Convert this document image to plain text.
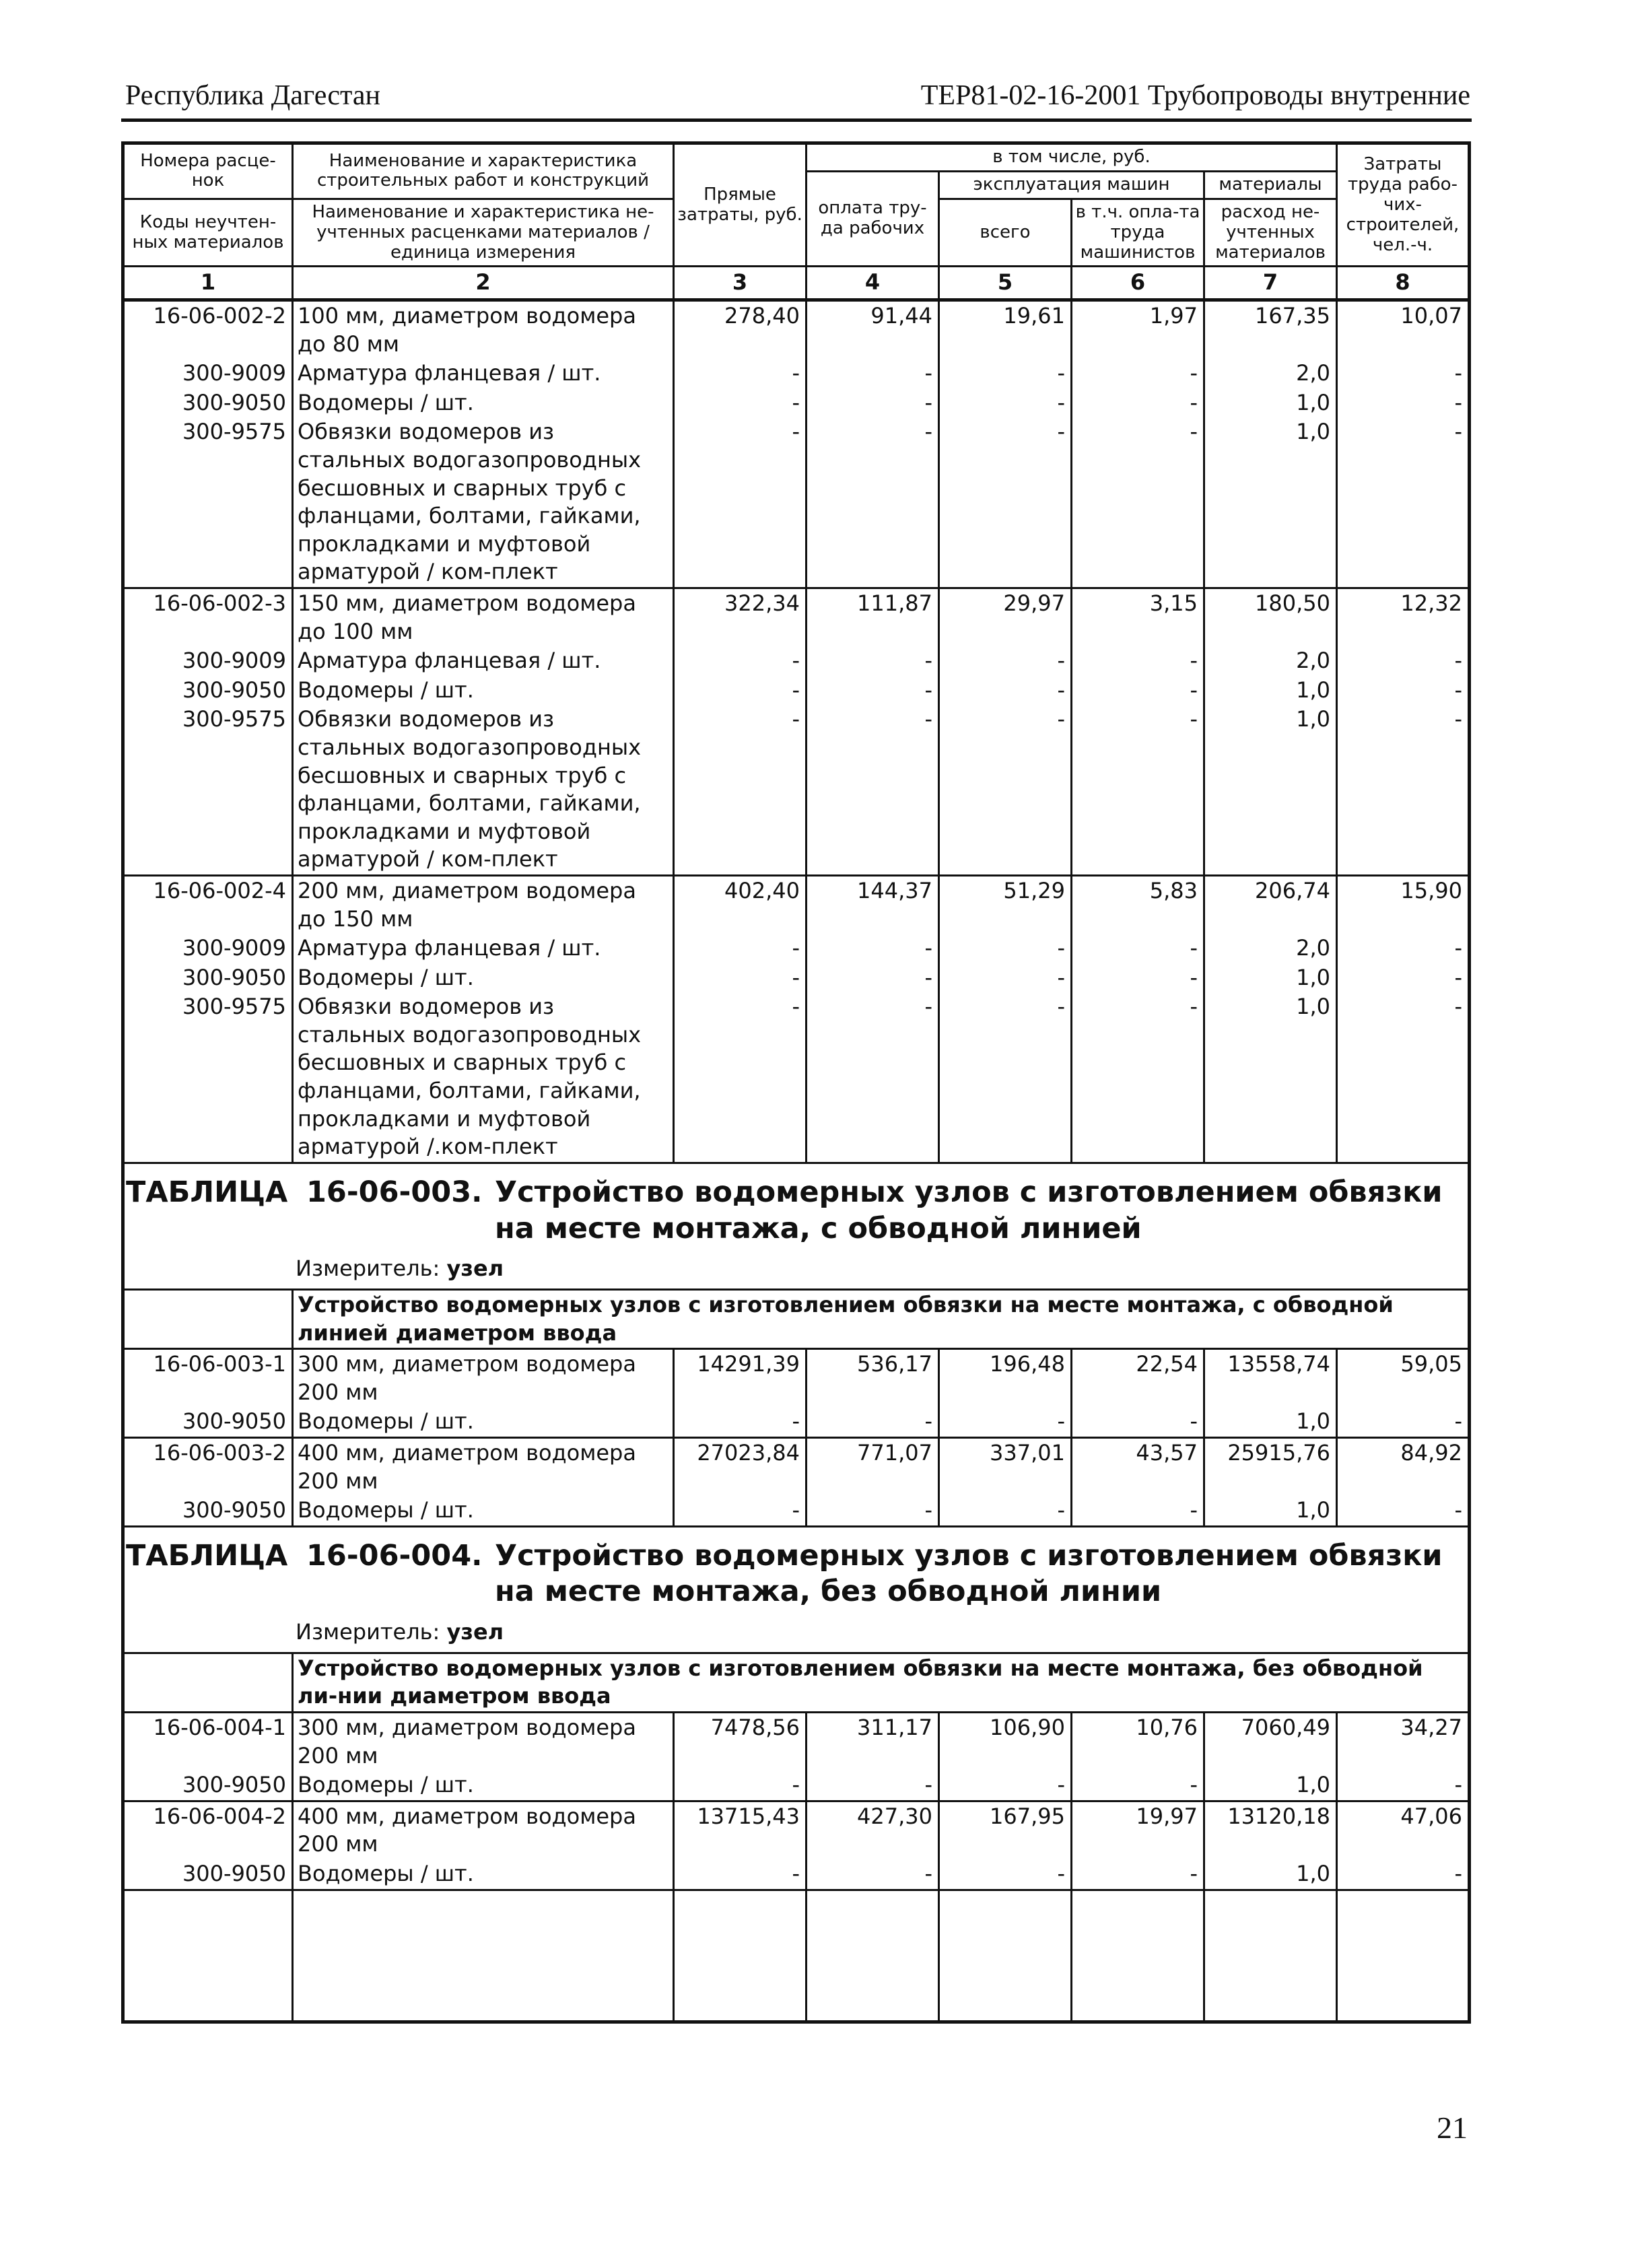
Республика Дагестан	ТЕР81-02-16-2001 Трубопроводы внутренние
Номера расце-нок	Наименование и характеристика строительных работ и конструкций	Прямые затраты, руб.	в том числе, руб.				Затраты труда рабо-чих-строителей, чел.-ч.
			оплата тру-да рабочих	эксплуатация машин		материалы	
Коды неучтен-ных материалов	Наименование и характеристика не-учтенных расценками материалов / единица измерения			всего	в т.ч. опла-та труда машинистов	расход не-учтенных материалов	

1	2	3	4	5	6	7	8
16-06-002-2	100 мм, диаметром водомера до 80 мм	278,40	91,44	19,61	1,97	167,35	10,07
300-9009	Арматура фланцевая / шт.	-	-	-	-	2,0	-
300-9050	Водомеры / шт.	-	-	-	-	1,0	-
300-9575	Обвязки водомеров из стальных водогазопроводных бесшовных и сварных труб с фланцами, болтами, гайками, прокладками и муфтовой арматурой / ком-плект	-	-	-	-	1,0	-
16-06-002-3	150 мм, диаметром водомера до 100 мм	322,34	111,87	29,97	3,15	180,50	12,32
300-9009	Арматура фланцевая / шт.	-	-	-	-	2,0	-
300-9050	Водомеры / шт.	-	-	-	-	1,0	-
300-9575	Обвязки водомеров из стальных водогазопроводных бесшовных и сварных труб с фланцами, болтами, гайками, прокладками и муфтовой арматурой / ком-плект	-	-	-	-	1,0	-
16-06-002-4	200 мм, диаметром водомера до 150 мм	402,40	144,37	51,29	5,83	206,74	15,90
300-9009	Арматура фланцевая / шт.	-	-	-	-	2,0	-
300-9050	Водомеры / шт.	-	-	-	-	1,0	-
300-9575	Обвязки водомеров из стальных водогазопроводных бесшовных и сварных труб с фланцами, болтами, гайками, прокладками и муфтовой арматурой /.ком-плект	-	-	-	-	1,0	-

ТАБЛИЦА 16-06-003. Устройство водомерных узлов с изготовлением обвязки на месте монтажа, с обводной линией
Измеритель: узел							

	Устройство водомерных узлов с изготовлением обвязки на месте монтажа, с обводной линией диаметром ввода						
16-06-003-1	300 мм, диаметром водомера 200 мм	14291,39	536,17	196,48	22,54	13558,74	59,05
300-9050	Водомеры / шт.	-	-	-	-	1,0	-
16-06-003-2	400 мм, диаметром водомера 200 мм	27023,84	771,07	337,01	43,57	25915,76	84,92
300-9050	Водомеры / шт.	-	-	-	-	1,0	-

ТАБЛИЦА 16-06-004. Устройство водомерных узлов с изготовлением обвязки на месте монтажа, без обводной линии
Измеритель: узел							

	Устройство водомерных узлов с изготовлением обвязки на месте монтажа, без обводной ли-нии диаметром ввода						
16-06-004-1	300 мм, диаметром водомера 200 мм	7478,56	311,17	106,90	10,76	7060,49	34,27
300-9050	Водомеры / шт.	-	-	-	-	1,0	-
16-06-004-2	400 мм, диаметром водомера 200 мм	13715,43	427,30	167,95	19,97	13120,18	47,06
300-9050	Водомеры / шт.	-	-	-	-	1,0	-

21
